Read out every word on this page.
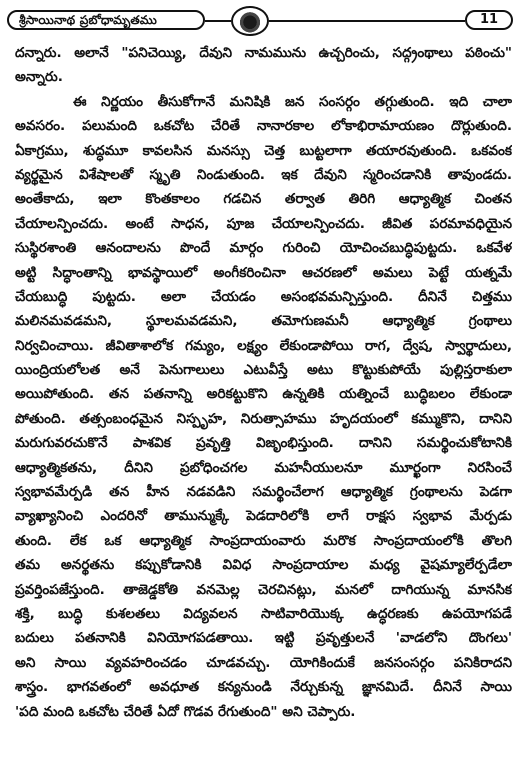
శ్రీసాయినాథ ప్రబోధామృతము	11
దన్నారు. అలానే "పనిచెయ్యి, దేవుని నామమును ఉచ్చరించు, సద్గ్రంథాలు పఠించు"
అన్నారు.
ఈ నిర్ణయం తీసుకోగానే మనిషికి జన సంసర్గం తగ్గుతుంది. ఇది చాలా
అవసరం. పలుమంది ఒకచోట చేరితే నానారకాల లోకాభిరామాయణం దొర్లుతుంది.
ఏకాగ్రము, శుద్ధమూ కావలసిన మనస్సు చెత్త బుట్టలాగా తయారవుతుంది. ఒకవంక
వ్యర్థమైన విశేషాలతో స్మృతి నిండుతుంది. ఇక దేవుని స్మరించడానికి తావుండదు.
అంతేకాదు, ఇలా కొంతకాలం గడచిన తర్వాత తిరిగి ఆధ్యాత్మిక చింతన
చేయాలన్పించదు. అంటే సాధన, పూజ చేయాలన్పించదు. జీవిత పరమావధియైన
సుస్థిరశాంతి ఆనందాలను పొందే మార్గం గురించి యోచించబుద్ధిపుట్టదు. ఒకవేళ
అట్టి సిద్ధాంతాన్ని భావస్థాయిలో అంగీకరించినా ఆచరణలో అమలు పెట్టే యత్నమే
చేయబుద్ధి పుట్టదు. అలా చేయడం అసంభవమన్పిస్తుంది. దీనినే చిత్తము
మలినమవడమని, స్థూలమవడమని, తమోగుణమనీ ఆధ్యాత్మిక గ్రంథాలు
నిర్వచించాయి. జీవితాశాలోక గమ్యం, లక్ష్యం లేకుండాపోయి రాగ, ద్వేష, స్వార్థాదులు,
యింద్రియలోలత అనే పెనుగాలులు ఎటువీస్తే అటు కొట్టుకుపోయే పుల్లిస్తరాకులా
అయిపోతుంది. తన పతనాన్ని అరికట్టుకొని ఉన్నతికి యత్నించే బుద్ధిబలం లేకుండా
పోతుంది. తత్సంబంధమైన నిస్పృహ, నిరుత్సాహము హృదయంలో కమ్ముకొని, దానిని
మరుగువరచుకొనే పాశవిక ప్రవృత్తి విజృంభిస్తుంది. దానిని సమర్థించుకోటానికి
ఆధ్యాత్మికతను, దీనిని ప్రబోధించగల మహనీయులనూ మూర్ఖంగా నిరసించే
స్వభావమేర్పడి తన హీన నడవడిని సమర్థించేలాగ ఆధ్యాత్మిక గ్రంథాలను పెడగా
వ్యాఖ్యానించి ఎందరినో తామున్ముక్కే పెడదారిలోకి లాగే రాక్షస స్వభావ మేర్పడు
తుంది. లేక ఒక ఆధ్యాత్మిక సాంప్రదాయంవారు మరొక సాంప్రదాయంలోకి తొలగి
తమ అనర్థతను కప్పుకోడానికి వివిధ సాంప్రదాయాల మధ్య వైషమ్యాలేర్పడేలా
ప్రవర్తింపజేస్తుంది. తాజెడ్డకోతి వనమెల్ల చెరచినట్లు, మనలో దాగియున్న మానసిక
శక్తి, బుద్ధి కుశలతలు విద్యవలన సాటివారియొక్క ఉద్ధరణకు ఉపయోగపడే
బదులు పతనానికి వినియోగపడతాయి. ఇట్టి ప్రవృత్తులనే 'వాడలోని దొంగలు'
అని సాయి వ్యవహరించడం చూడవచ్చు. యోగికిందుకే జనసంసర్గం పనికిరాదని
శాస్త్రం. భాగవతంలో అవధూత కన్యనుండి నేర్చుకున్న జ్ఞానమిదే. దీనినే సాయి
'పది మంది ఒకచోట చేరితే ఏదో గొడవ రేగుతుంది" అని చెప్పారు.
